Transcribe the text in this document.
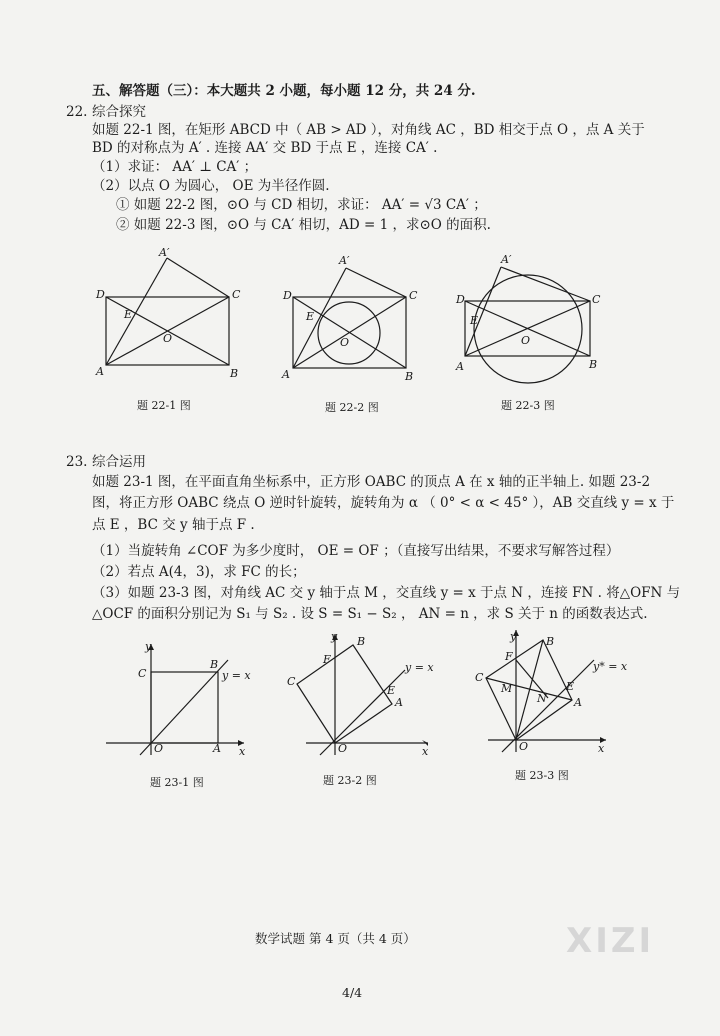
五、解答题（三）：本大题共 2 小题，每小题 12 分，共 24 分.
22. 综合探究
如题 22-1 图，在矩形 ABCD 中（ AB > AD ），对角线 AC ，BD 相交于点 O ，点 A 关于
BD 的对称点为 A′ . 连接 AA′ 交 BD 于点 E ，连接 CA′ .
（1）求证： AA′ ⊥ CA′ ；
（2）以点 O 为圆心， OE 为半径作圆.
① 如题 22-2 图，⊙O 与 CD 相切，求证： AA′ = √3 CA′ ；
② 如题 22-3 图，⊙O 与 CA′ 相切，AD = 1 ，求⊙O 的面积.
A′
D	C
E
O
A	B
A′
D	C
E
O
A	B
A′
D	C
E
O
A	B
题 22-1 图	题 22-2 图	题 22-3 图
23. 综合运用
如题 23-1 图，在平面直角坐标系中，正方形 OABC 的顶点 A 在 x 轴的正半轴上. 如题 23-2
图，将正方形 OABC 绕点 O 逆时针旋转，旋转角为 α （ 0° < α < 45° ），AB 交直线 y = x 于
点 E ，BC 交 y 轴于点 F .
（1）当旋转角 ∠COF 为多少度时， OE = OF ；（直接写出结果，不要求写解答过程）
（2）若点 A(4，3)，求 FC 的长；
（3）如题 23-3 图，对角线 AC 交 y 轴于点 M ，交直线 y = x 于点 N ，连接 FN . 将△OFN 与
△OCF 的面积分别记为 S₁ 与 S₂ . 设 S = S₁ − S₂ ， AN = n ，求 S 关于 n 的函数表达式.
y
x
C
B
y = x
O	A
y
x
B
F
C
y = x
E
A
O
y
x
B
F
C
y* = x
M	E
N A
O
题 23-1 图	题 23-2 图	题 23-3 图
数学试题 第 4 页（共 4 页）
4/4
XIZI
